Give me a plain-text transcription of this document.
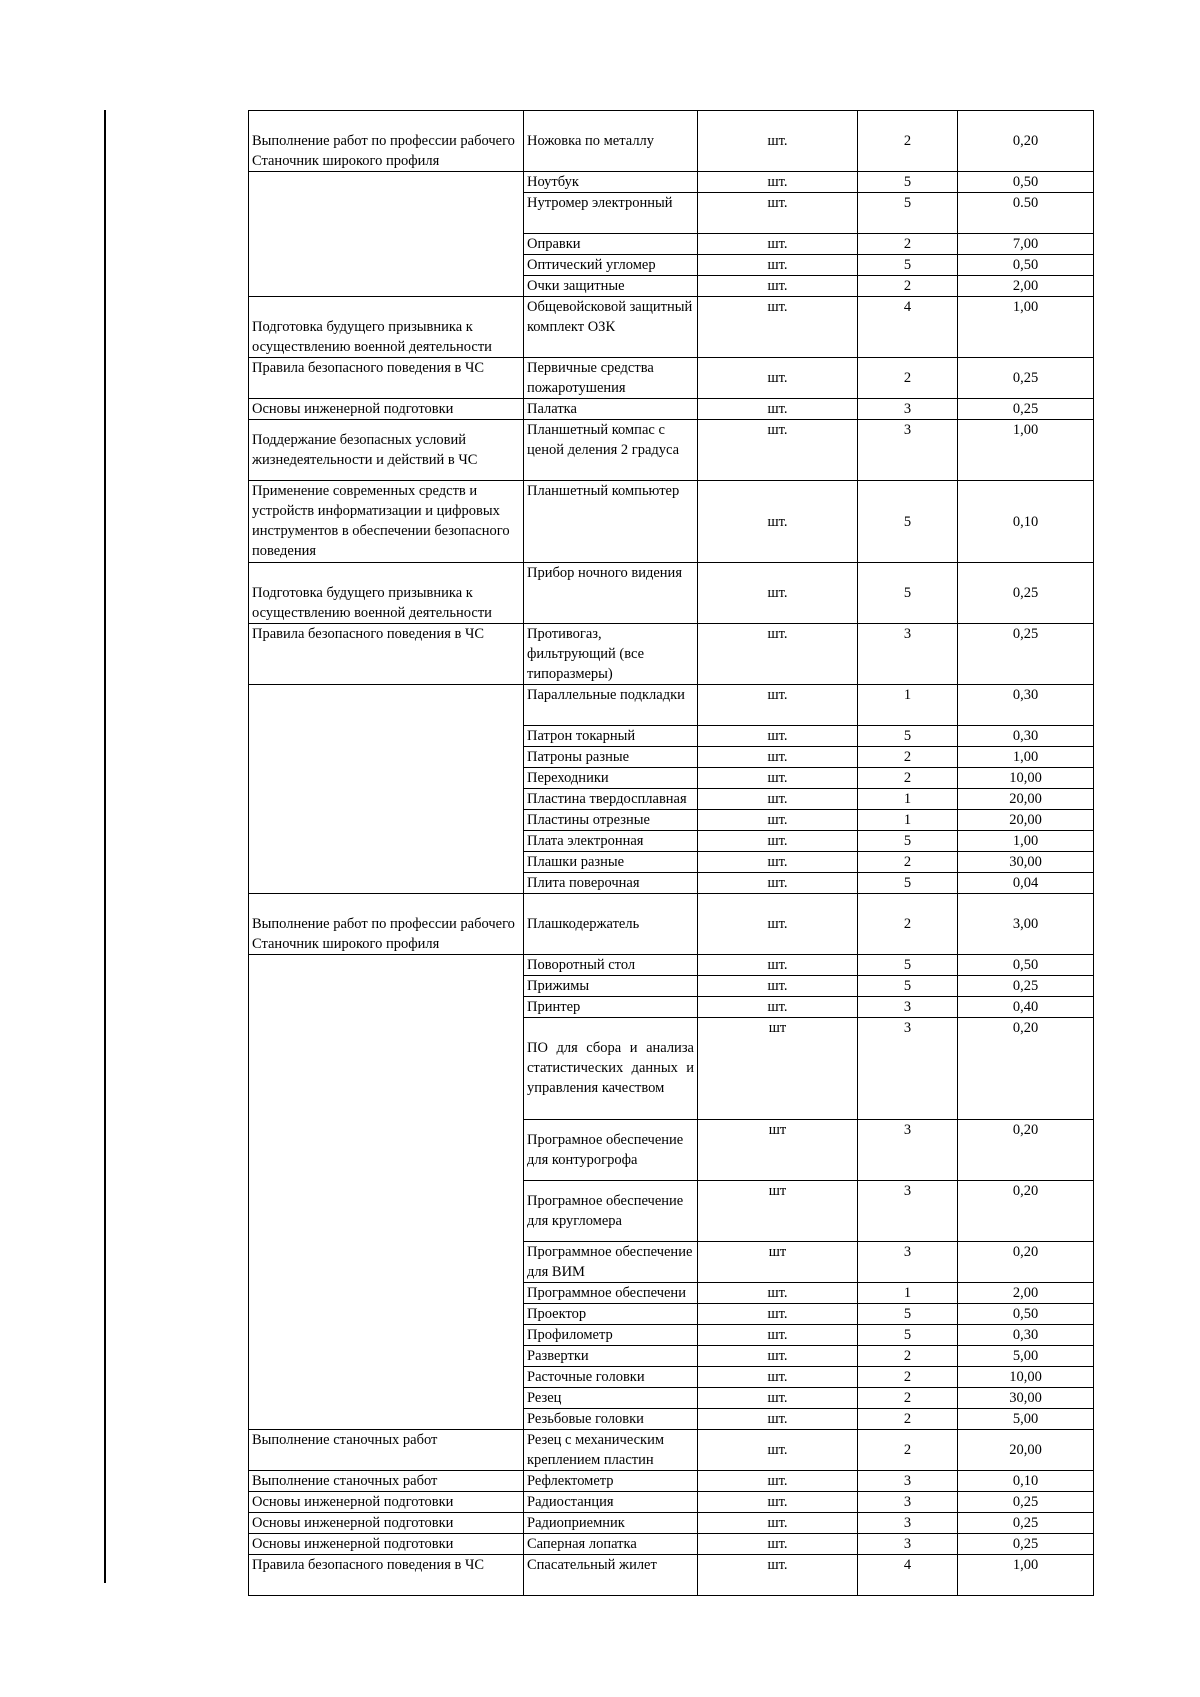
Выполнение работ по профессии рабочего Станочник широкого профиля	Ножовка по металлу	шт.	2	0,20
	Ноутбук	шт.	5	0,50
	Нутромер электронный	шт.	5	0.50
	Оправки	шт.	2	7,00
	Оптический угломер	шт.	5	0,50
	Очки защитные	шт.	2	2,00
Подготовка будущего призывника к осуществлению военной деятельности	Общевойсковой защитный комплект ОЗК	шт.	4	1,00
Правила безопасного поведения в ЧС	Первичные средства пожаротушения	шт.	2	0,25
Основы инженерной подготовки	Палатка	шт.	3	0,25
Поддержание безопасных условий жизнедеятельности и действий в ЧС	Планшетный компас с ценой деления 2 градуса	шт.	3	1,00
Применение современных средств и устройств информатизации и цифровых инструментов в обеспечении безопасного поведения	Планшетный компьютер	шт.	5	0,10
Подготовка будущего призывника к осуществлению военной деятельности	Прибор ночного видения	шт.	5	0,25
Правила безопасного поведения в ЧС	Противогаз, фильтрующий (все типоразмеры)	шт.	3	0,25
	Параллельные подкладки	шт.	1	0,30
	Патрон токарный	шт.	5	0,30
	Патроны разные	шт.	2	1,00
	Переходники	шт.	2	10,00
	Пластина твердосплавная	шт.	1	20,00
	Пластины отрезные	шт.	1	20,00
	Плата электронная	шт.	5	1,00
	Плашки разные	шт.	2	30,00
	Плита поверочная	шт.	5	0,04
Выполнение работ по профессии рабочего Станочник широкого профиля	Плашкодержатель	шт.	2	3,00
	Поворотный стол	шт.	5	0,50
	Прижимы	шт.	5	0,25
	Принтер	шт.	3	0,40
	ПО для сбора и анализа статистических данных и управления качеством	шт	3	0,20
	Програмное обеспечение для контурогрофа	шт	3	0,20
	Програмное обеспечение для кругломера	шт	3	0,20
	Программное обеспечение для ВИМ	шт	3	0,20
	Программное обеспечени	шт.	1	2,00
	Проектор	шт.	5	0,50
	Профилометр	шт.	5	0,30
	Развертки	шт.	2	5,00
	Расточные головки	шт.	2	10,00
	Резец	шт.	2	30,00
	Резьбовые головки	шт.	2	5,00
Выполнение станочных работ	Резец с механическим креплением пластин	шт.	2	20,00
Выполнение станочных работ	Рефлектометр	шт.	3	0,10
Основы инженерной подготовки	Радиостанция	шт.	3	0,25
Основы инженерной подготовки	Радиоприемник	шт.	3	0,25
Основы инженерной подготовки	Саперная лопатка	шт.	3	0,25
Правила безопасного поведения в ЧС	Спасательный жилет	шт.	4	1,00
